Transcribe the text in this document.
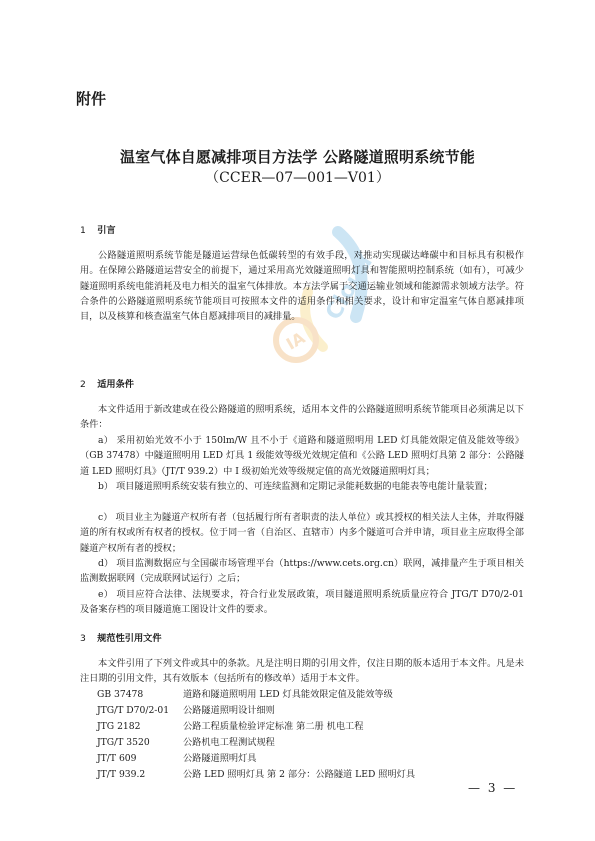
IA
Cloud
附件
温室气体自愿减排项目方法学 公路隧道照明系统节能
（CCER—07—001—V01）
1 引言
公路隧道照明系统节能是隧道运营绿色低碳转型的有效手段，对推动实现碳达峰碳中和目标具有积极作用。在保障公路隧道运营安全的前提下，通过采用高光效隧道照明灯具和智能照明控制系统（如有），可减少隧道照明系统电能消耗及电力相关的温室气体排放。本方法学属于交通运输业领域和能源需求领域方法学。符合条件的公路隧道照明系统节能项目可按照本文件的适用条件和相关要求，设计和审定温室气体自愿减排项目，以及核算和核查温室气体自愿减排项目的减排量。
2 适用条件
本文件适用于新改建或在役公路隧道的照明系统，适用本文件的公路隧道照明系统节能项目必须满足以下条件：
a） 采用初始光效不小于 150lm/W 且不小于《道路和隧道照明用 LED 灯具能效限定值及能效等级》（GB 37478）中隧道照明用 LED 灯具 1 级能效等级光效规定值和《公路 LED 照明灯具第 2 部分：公路隧道 LED 照明灯具》（JT/T 939.2）中 I 级初始光效等级规定值的高光效隧道照明灯具；
b） 项目隧道照明系统安装有独立的、可连续监测和定期记录能耗数据的电能表等电能计量装置；
c） 项目业主为隧道产权所有者（包括履行所有者职责的法人单位）或其授权的相关法人主体，并取得隧道的所有权或所有权者的授权。位于同一省（自治区、直辖市）内多个隧道可合并申请，项目业主应取得全部隧道产权所有者的授权；
d） 项目监测数据应与全国碳市场管理平台（https://www.cets.org.cn）联网，减排量产生于项目相关监测数据联网（完成联网试运行）之后；
e） 项目应符合法律、法规要求，符合行业发展政策，项目隧道照明系统质量应符合 JTG/T D70/2-01 及备案存档的项目隧道施工图设计文件的要求。
3 规范性引用文件
本文件引用了下列文件或其中的条款。凡是注明日期的引用文件，仅注日期的版本适用于本文件。凡是未注日期的引用文件，其有效版本（包括所有的修改单）适用于本文件。
GB 37478	道路和隧道照明用 LED 灯具能效限定值及能效等级
JTG/T D70/2-01	公路隧道照明设计细则
JTG 2182	公路工程质量检验评定标准 第二册 机电工程
JTG/T 3520	公路机电工程测试规程
JT/T 609	公路隧道照明灯具
JT/T 939.2	公路 LED 照明灯具 第 2 部分：公路隧道 LED 照明灯具
— 3 —
